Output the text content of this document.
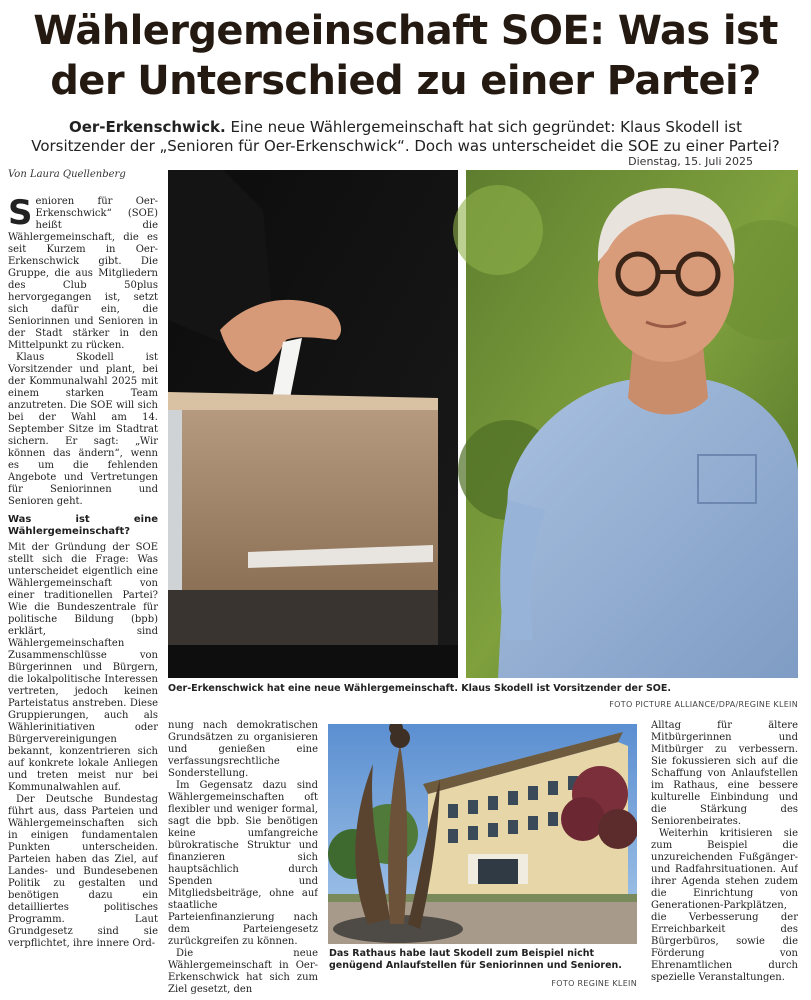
Wählergemeinschaft SOE: Was ist
der Unterschied zu einer Partei?
Oer-Erkenschwick. Eine neue Wählergemeinschaft hat sich gegründet: Klaus Skodell ist Vorsitzender der „Senioren für Oer-Erkenschwick“. Doch was unterscheidet die SOE zu einer Partei?
Dienstag, 15. Juli 2025
Von Laura Quellenberg

Senioren für Oer-Erkenschwick“ (SOE) heißt die Wählergemeinschaft, die es seit Kurzem in Oer-Erkenschwick gibt. Die Gruppe, die aus Mitgliedern des Club 50plus hervorgegangen ist, setzt sich dafür ein, die Seniorinnen und Senioren in der Stadt stärker in den Mittelpunkt zu rücken.

Klaus Skodell ist Vorsitzender und plant, bei der Kommunalwahl 2025 mit einem starken Team anzutreten. Die SOE will sich bei der Wahl am 14. September Sitze im Stadtrat sichern. Er sagt: „Wir können das ändern“, wenn es um die fehlenden Angebote und Vertretungen für Seniorinnen und Senioren geht.

Was ist eine Wählergemeinschaft?

Mit der Gründung der SOE stellt sich die Frage: Was unterscheidet eigentlich eine Wählergemeinschaft von einer traditionellen Partei? Wie die Bundeszentrale für politische Bildung (bpb) erklärt, sind Wählergemeinschaften Zusammenschlüsse von Bürgerinnen und Bürgern, die lokalpolitische Interessen vertreten, jedoch keinen Parteistatus anstreben. Diese Gruppierungen, auch als Wählerinitiativen oder Bürgervereinigungen bekannt, konzentrieren sich auf konkrete lokale Anliegen und treten meist nur bei Kommunalwahlen auf.

Der Deutsche Bundestag führt aus, dass Parteien und Wählergemeinschaften sich in einigen fundamentalen Punkten unterscheiden. Parteien haben das Ziel, auf Landes- und Bundesebenen Politik zu gestalten und benötigen dazu ein detailliertes politisches Programm. Laut Grundgesetz sind sie verpflichtet, ihre innere Ord-

Oer-Erkenschwick hat eine neue Wählergemeinschaft. Klaus Skodell ist Vorsitzender der SOE.
FOTO PICTURE ALLIANCE/DPA/REGINE KLEIN

nung nach demokratischen Grundsätzen zu organisieren und genießen eine verfassungsrechtliche Sonderstellung.

Im Gegensatz dazu sind Wählergemeinschaften oft flexibler und weniger formal, sagt die bpb. Sie benötigen keine umfangreiche bürokratische Struktur und finanzieren sich hauptsächlich durch Spenden und Mitgliedsbeiträge, ohne auf staatliche Parteienfinanzierung nach dem Parteiengesetz zurückgreifen zu können.

Die neue Wählergemeinschaft in Oer-Erkenschwick hat sich zum Ziel gesetzt, den

Das Rathaus habe laut Skodell zum Beispiel nicht genügend Anlaufstellen für Seniorinnen und Senioren.
FOTO REGINE KLEIN

Alltag für ältere Mitbürgerinnen und Mitbürger zu verbessern. Sie fokussieren sich auf die Schaffung von Anlaufstellen im Rathaus, eine bessere kulturelle Einbindung und die Stärkung des Seniorenbeirates.

Weiterhin kritisieren sie zum Beispiel die unzureichenden Fußgänger- und Radfahrsituationen. Auf ihrer Agenda stehen zudem die Einrichtung von Generationen-Parkplätzen, die Verbesserung der Erreichbarkeit des Bürgerbüros, sowie die Förderung von Ehrenamtlichen durch spezielle Veranstaltungen.
